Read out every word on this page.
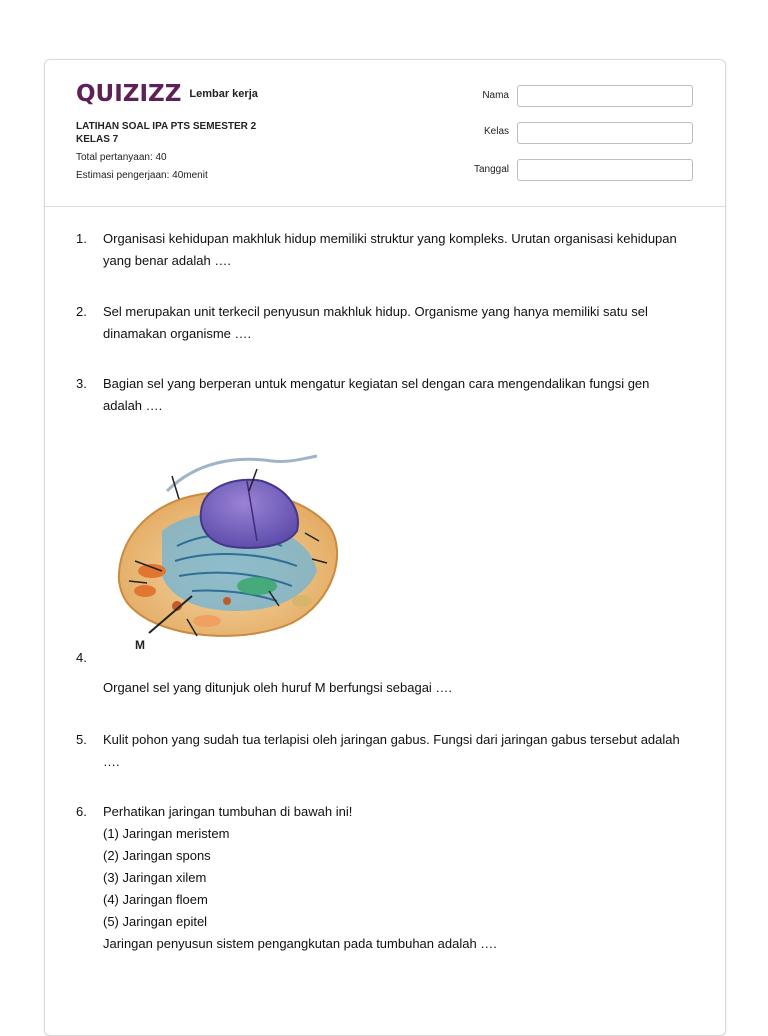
QUIZIZZ Lembar kerja
LATIHAN SOAL IPA PTS SEMESTER 2
KELAS 7
Total pertanyaan: 40
Estimasi pengerjaan: 40menit
Nama
Kelas
Tanggal
1.	Organisasi kehidupan makhluk hidup memiliki struktur yang kompleks. Urutan organisasi kehidupan
yang benar adalah ….
2.	Sel merupakan unit terkecil penyusun makhluk hidup. Organisme yang hanya memiliki satu sel
dinamakan organisme ….
3.	Bagian sel yang berperan untuk mengatur kegiatan sel dengan cara mengendalikan fungsi gen
adalah ….
M
4.
Organel sel yang ditunjuk oleh huruf M berfungsi sebagai ….
5.	Kulit pohon yang sudah tua terlapisi oleh jaringan gabus. Fungsi dari jaringan gabus tersebut adalah
….
6.	Perhatikan jaringan tumbuhan di bawah ini!
(1) Jaringan meristem
(2) Jaringan spons
(3) Jaringan xilem
(4) Jaringan floem
(5) Jaringan epitel
Jaringan penyusun sistem pengangkutan pada tumbuhan adalah ….
